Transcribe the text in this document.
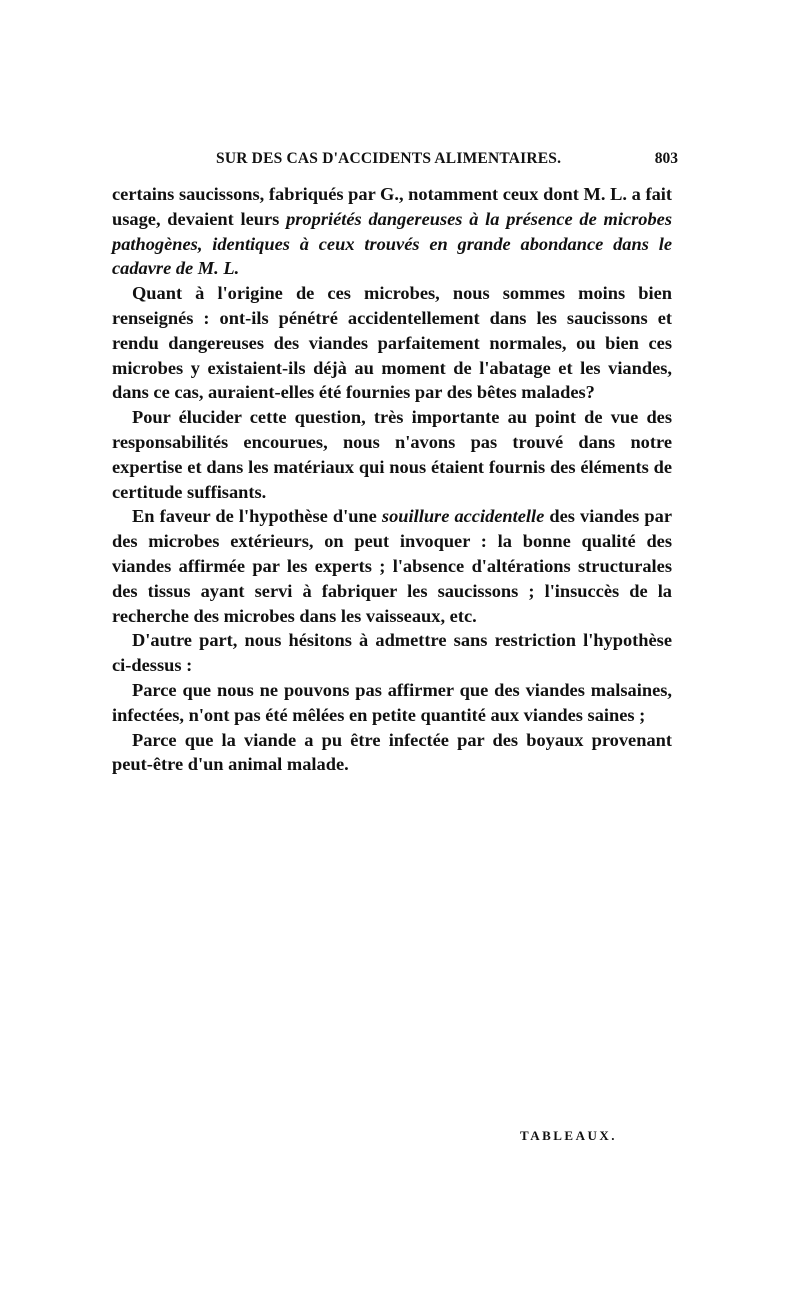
SUR DES CAS D'ACCIDENTS ALIMENTAIRES.	803

certains saucissons, fabriqués par G., notamment ceux dont M. L. a fait usage, devaient leurs propriétés dangereuses à la présence de microbes pathogènes, identiques à ceux trouvés en grande abondance dans le cadavre de M. L.

Quant à l'origine de ces microbes, nous sommes moins bien renseignés : ont-ils pénétré accidentellement dans les saucissons et rendu dangereuses des viandes parfaitement normales, ou bien ces microbes y existaient-ils déjà au moment de l'abatage et les viandes, dans ce cas, auraient-elles été fournies par des bêtes malades?

Pour élucider cette question, très importante au point de vue des responsabilités encourues, nous n'avons pas trouvé dans notre expertise et dans les matériaux qui nous étaient fournis des éléments de certitude suffisants.

En faveur de l'hypothèse d'une souillure accidentelle des viandes par des microbes extérieurs, on peut invoquer : la bonne qualité des viandes affirmée par les experts ; l'absence d'altérations structurales des tissus ayant servi à fabriquer les saucissons ; l'insuccès de la recherche des microbes dans les vaisseaux, etc.

D'autre part, nous hésitons à admettre sans restriction l'hypothèse ci-dessus :

Parce que nous ne pouvons pas affirmer que des viandes malsaines, infectées, n'ont pas été mêlées en petite quantité aux viandes saines ;

Parce que la viande a pu être infectée par des boyaux provenant peut-être d'un animal malade.

TABLEAUX.
